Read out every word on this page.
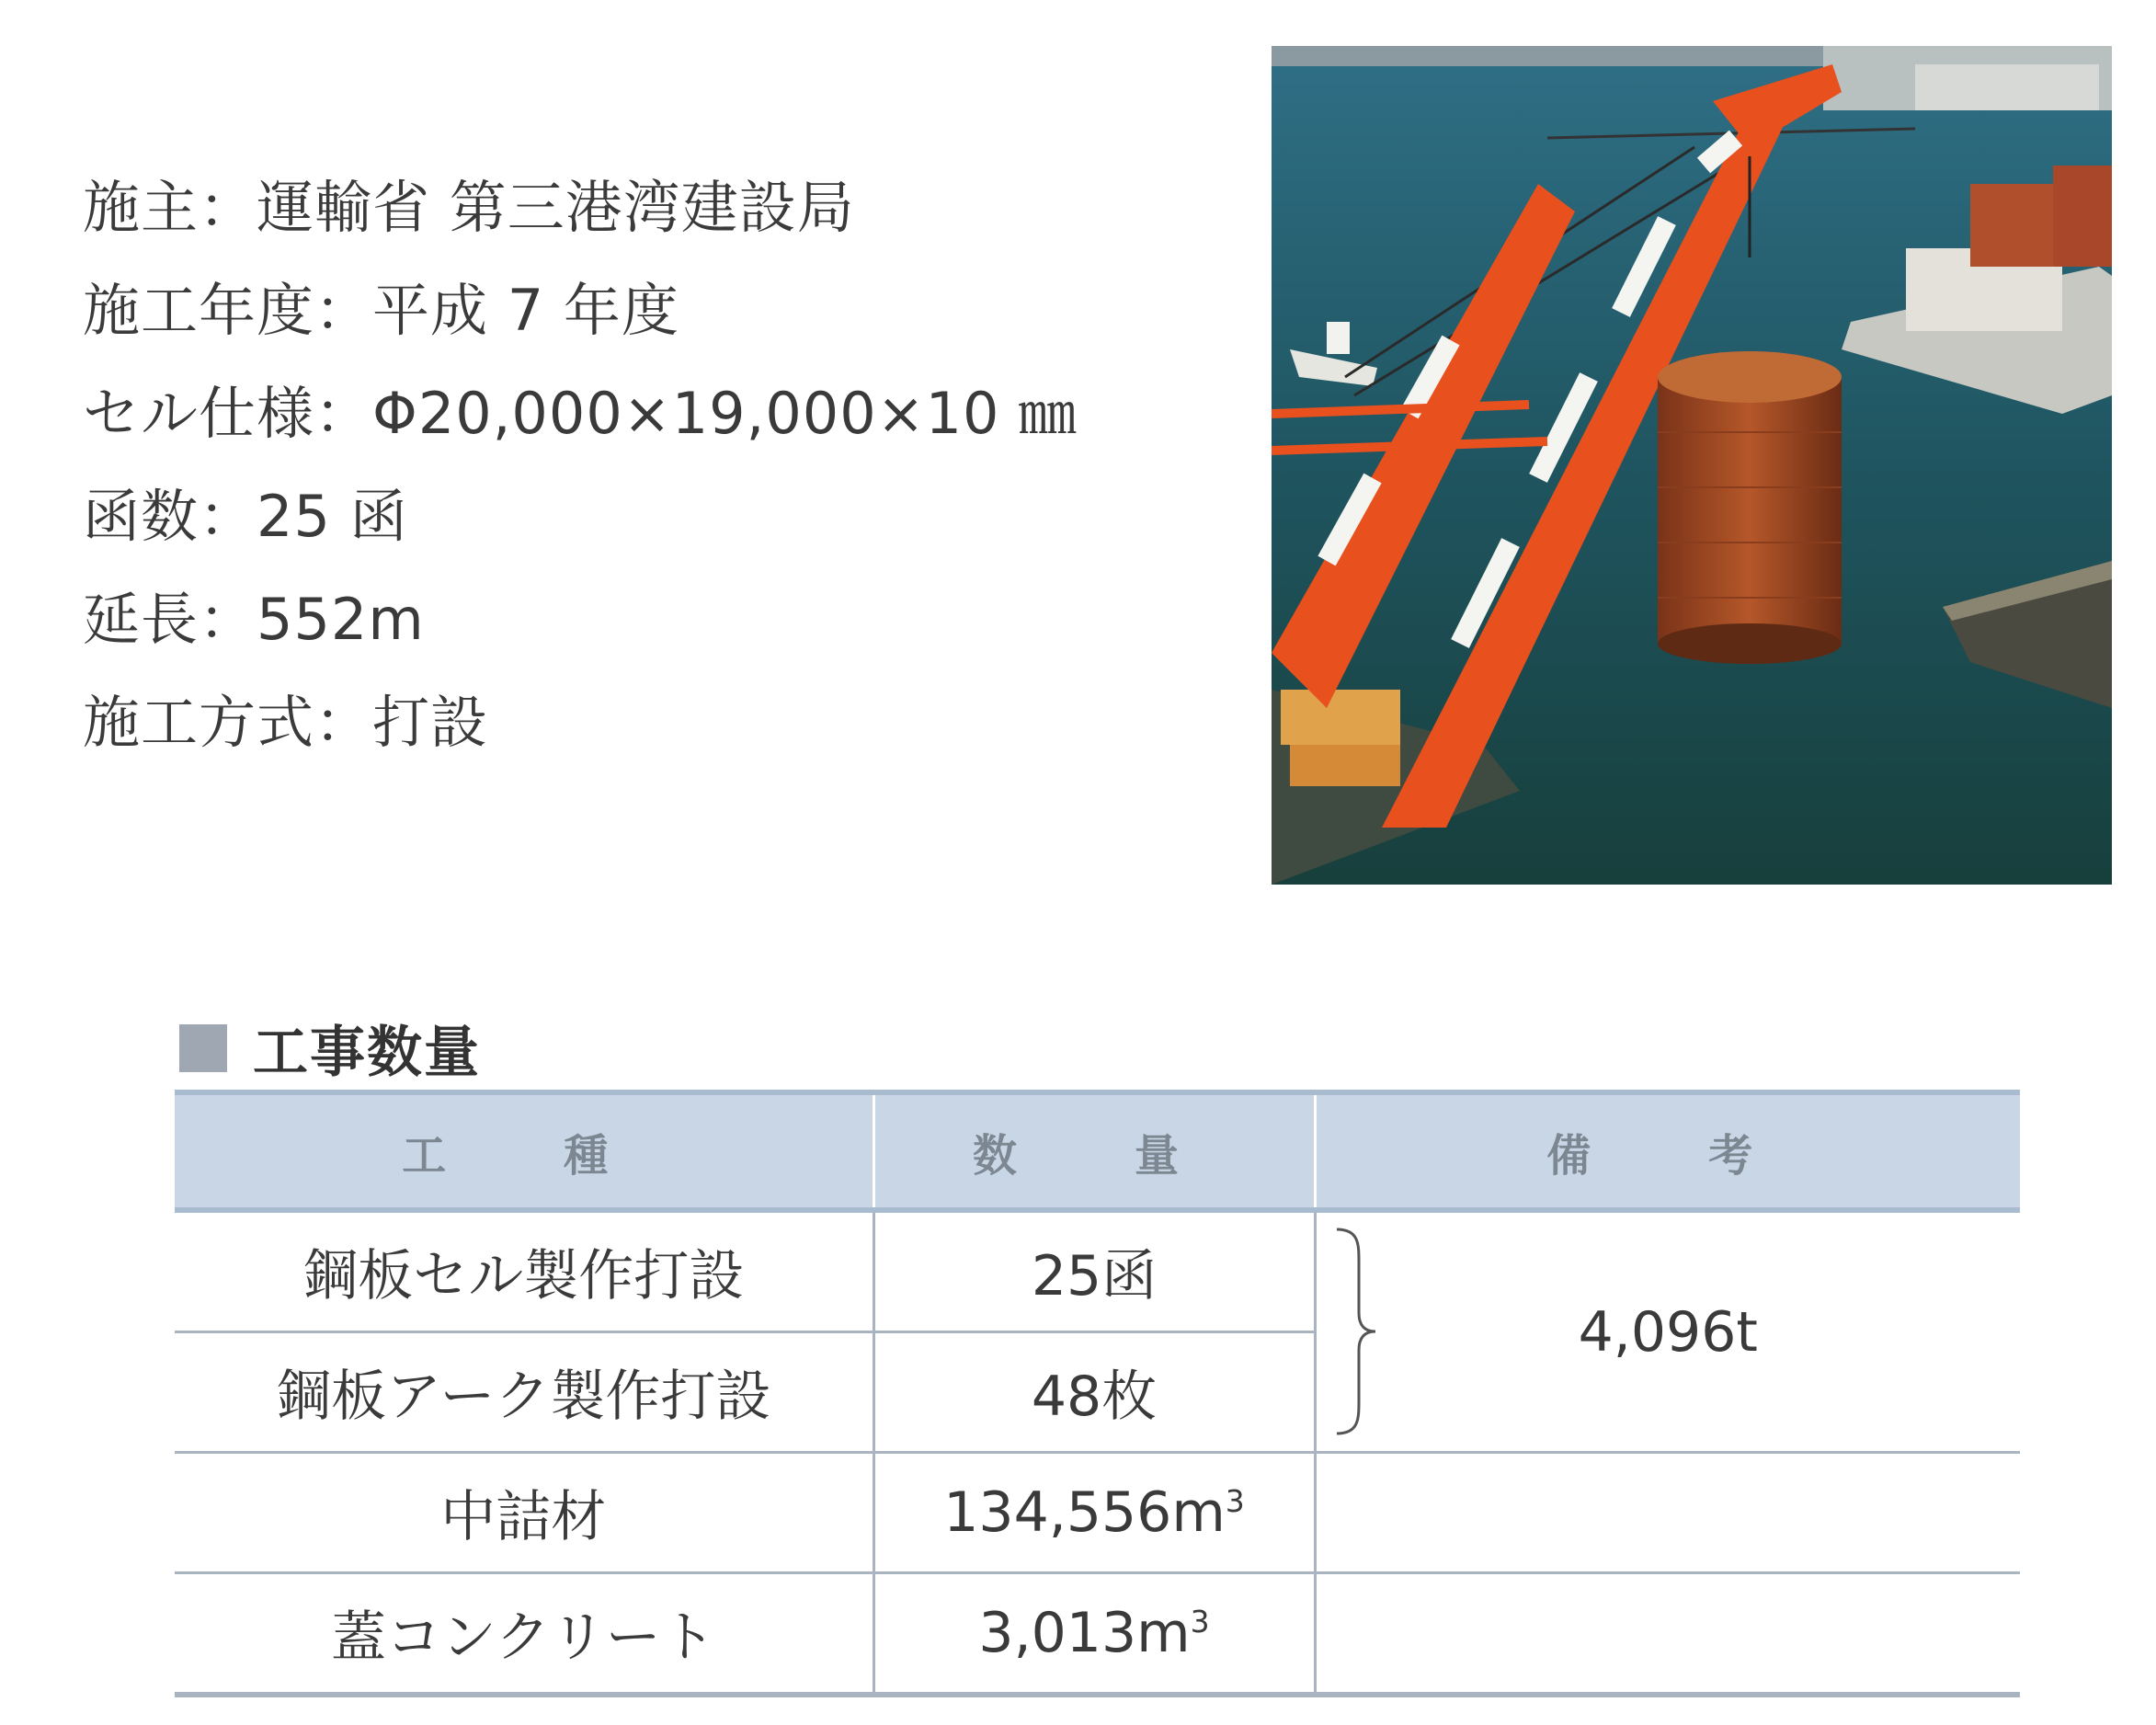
施主：運輸省 第三港湾建設局
施工年度：平成 7 年度
セル仕様：Φ20,000×19,000×10 ㎜
函数：25 函
延長：552m
施工方式：打設
工事数量
工　種	数　量	備　考
鋼板セル製作打設	25函	4,096t
鋼板アーク製作打設	48枚	
中詰材	$134,556m^3$	
蓋コンクリート	$3,013m^3$	
